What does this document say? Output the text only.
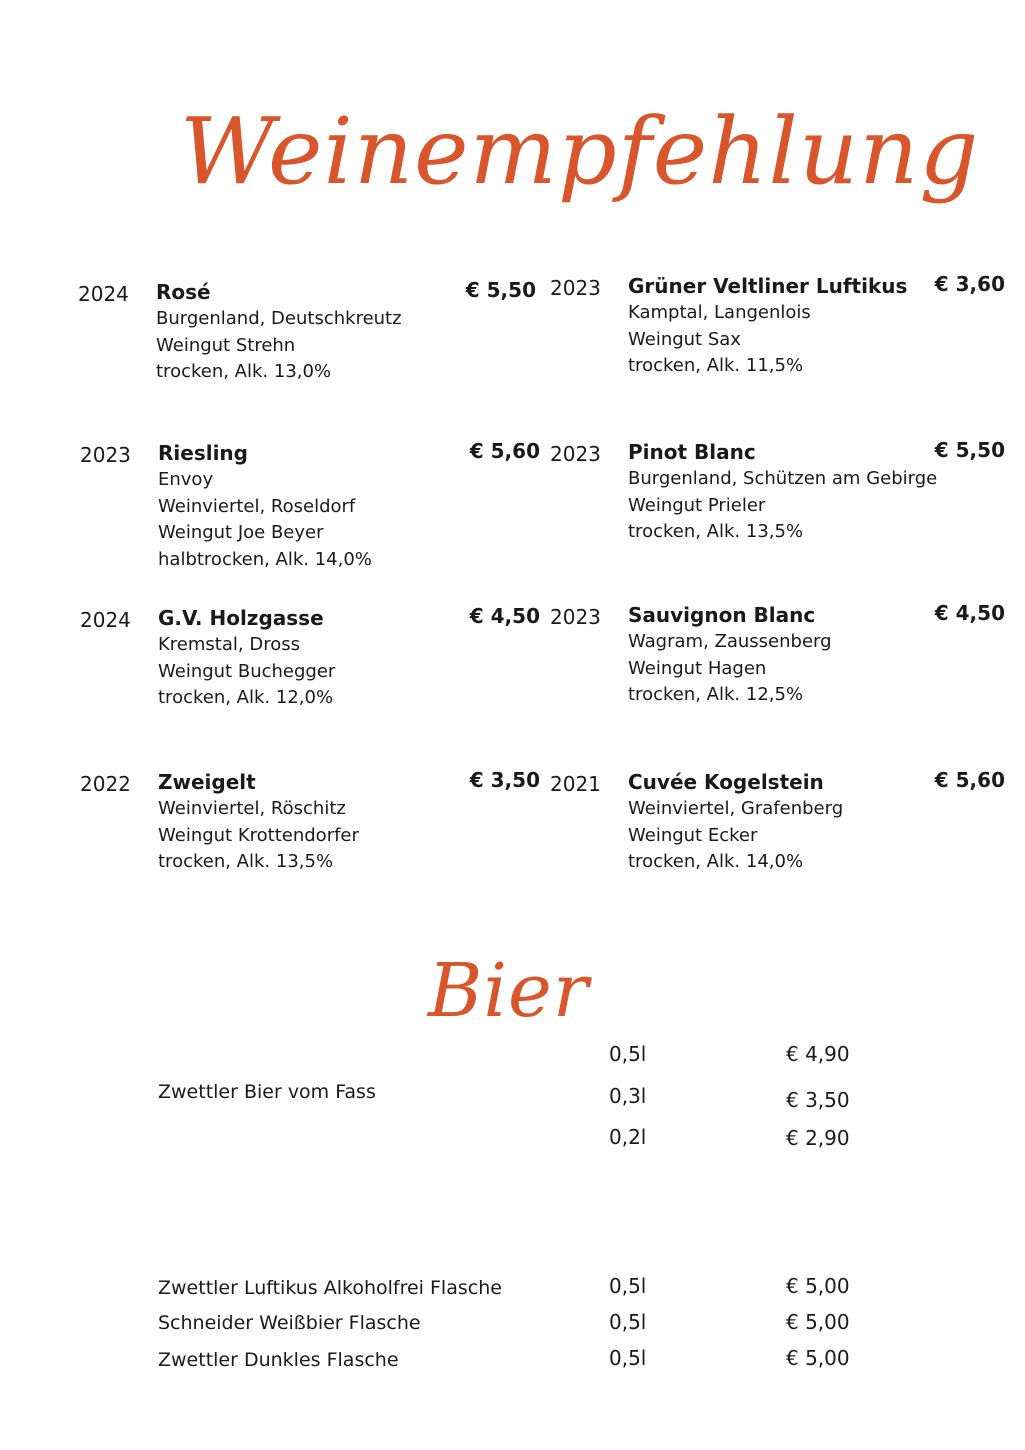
Weinempfehlung
2024 Rosé	€ 5,50
Burgenland, Deutschkreutz
Weingut Strehn
trocken, Alk. 13,0%
2023 Grüner Veltliner Luftikus € 3,60
Kamptal, Langenlois
Weingut Sax
trocken, Alk. 11,5%
2023 Riesling	€ 5,60
Envoy
Weinviertel, Roseldorf
Weingut Joe Beyer
halbtrocken, Alk. 14,0%
2023 Pinot Blanc	€ 5,50
Burgenland, Schützen am Gebirge
Weingut Prieler
trocken, Alk. 13,5%
2024 G.V. Holzgasse	€ 4,50
Kremstal, Dross
Weingut Buchegger
trocken, Alk. 12,0%
2023 Sauvignon Blanc	€ 4,50
Wagram, Zaussenberg
Weingut Hagen
trocken, Alk. 12,5%
2022 Zweigelt	€ 3,50
Weinviertel, Röschitz
Weingut Krottendorfer
trocken, Alk. 13,5%
2021 Cuvée Kogelstein	€ 5,60
Weinviertel, Grafenberg
Weingut Ecker
trocken, Alk. 14,0%
Bier
Zwettler Bier vom Fass
0,5l	€ 4,90
0,3l	€ 3,50
0,2l	€ 2,90
Zwettler Luftikus Alkoholfrei Flasche	0,5l	€ 5,00
Schneider Weißbier Flasche	0,5l	€ 5,00
Zwettler Dunkles Flasche	0,5l	€ 5,00
